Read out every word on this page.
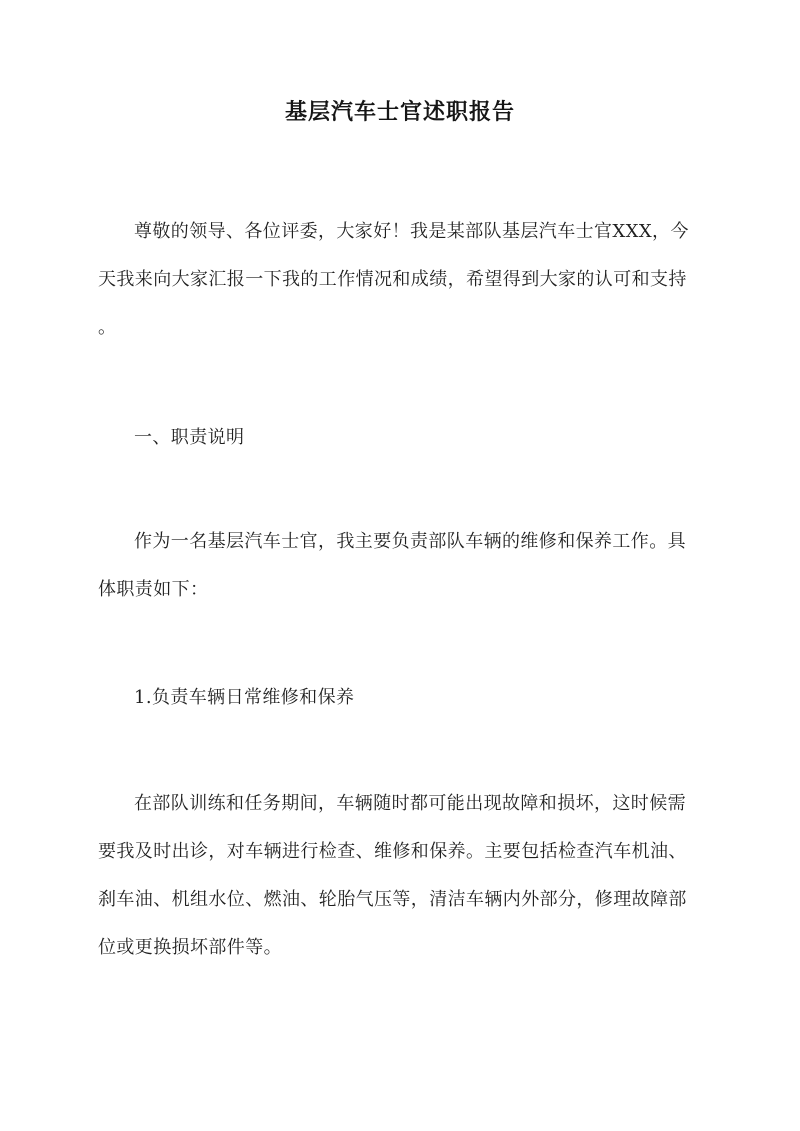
基层汽车士官述职报告

尊敬的领导、各位评委，大家好！我是某部队基层汽车士官XXX，今

天我来向大家汇报一下我的工作情况和成绩，希望得到大家的认可和支持

。

一、职责说明

作为一名基层汽车士官，我主要负责部队车辆的维修和保养工作。具

体职责如下：

1.负责车辆日常维修和保养

在部队训练和任务期间，车辆随时都可能出现故障和损坏，这时候需

要我及时出诊，对车辆进行检查、维修和保养。主要包括检查汽车机油、

刹车油、机组水位、燃油、轮胎气压等，清洁车辆内外部分，修理故障部

位或更换损坏部件等。
